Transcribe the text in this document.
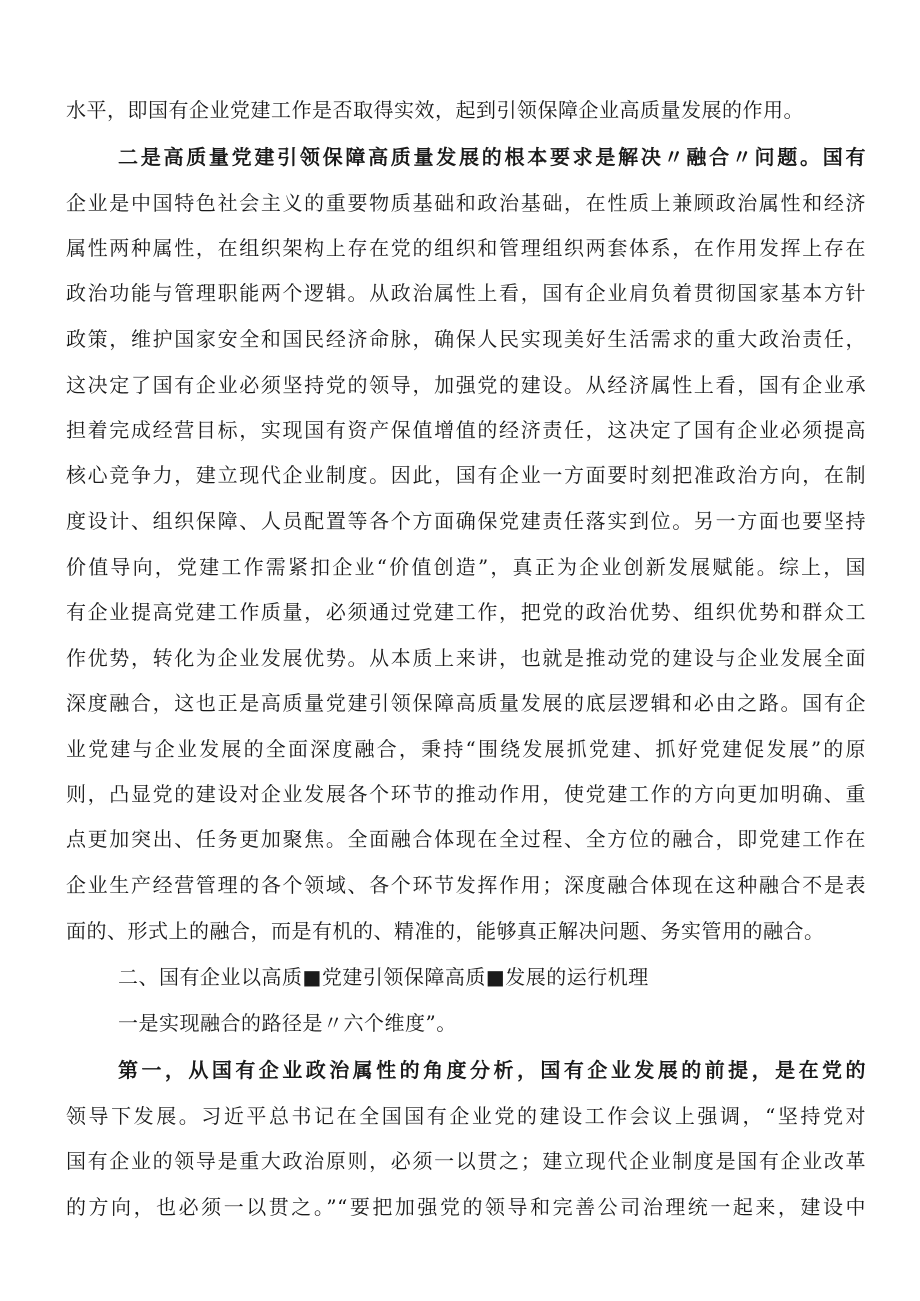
水平，即国有企业党建工作是否取得实效，起到引领保障企业高质量发展的作用。
二是高质量党建引领保障高质量发展的根本要求是解决〃融合〃问题。国有
企业是中国特色社会主义的重要物质基础和政治基础，在性质上兼顾政治属性和经济
属性两种属性，在组织架构上存在党的组织和管理组织两套体系，在作用发挥上存在
政治功能与管理职能两个逻辑。从政治属性上看，国有企业肩负着贯彻国家基本方针
政策，维护国家安全和国民经济命脉，确保人民实现美好生活需求的重大政治责任，
这决定了国有企业必须坚持党的领导，加强党的建设。从经济属性上看，国有企业承
担着完成经营目标，实现国有资产保值增值的经济责任，这决定了国有企业必须提高
核心竞争力，建立现代企业制度。因此，国有企业一方面要时刻把准政治方向，在制
度设计、组织保障、人员配置等各个方面确保党建责任落实到位。另一方面也要坚持
价值导向，党建工作需紧扣企业“价值创造”，真正为企业创新发展赋能。综上，国
有企业提高党建工作质量，必须通过党建工作，把党的政治优势、组织优势和群众工
作优势，转化为企业发展优势。从本质上来讲，也就是推动党的建设与企业发展全面
深度融合，这也正是高质量党建引领保障高质量发展的底层逻辑和必由之路。国有企
业党建与企业发展的全面深度融合，秉持“围绕发展抓党建、抓好党建促发展”的原
则，凸显党的建设对企业发展各个环节的推动作用，使党建工作的方向更加明确、重
点更加突出、任务更加聚焦。全面融合体现在全过程、全方位的融合，即党建工作在
企业生产经营管理的各个领域、各个环节发挥作用；深度融合体现在这种融合不是表
面的、形式上的融合，而是有机的、精准的，能够真正解决问题、务实管用的融合。
二、国有企业以高质■党建引领保障高质■发展的运行机理
一是实现融合的路径是〃六个维度”。
第一，从国有企业政治属性的角度分析，国有企业发展的前提，是在党的
领导下发展。习近平总书记在全国国有企业党的建设工作会议上强调，“坚持党对
国有企业的领导是重大政治原则，必须一以贯之；建立现代企业制度是国有企业改革
的方向，也必须一以贯之。”“要把加强党的领导和完善公司治理统一起来，建设中
